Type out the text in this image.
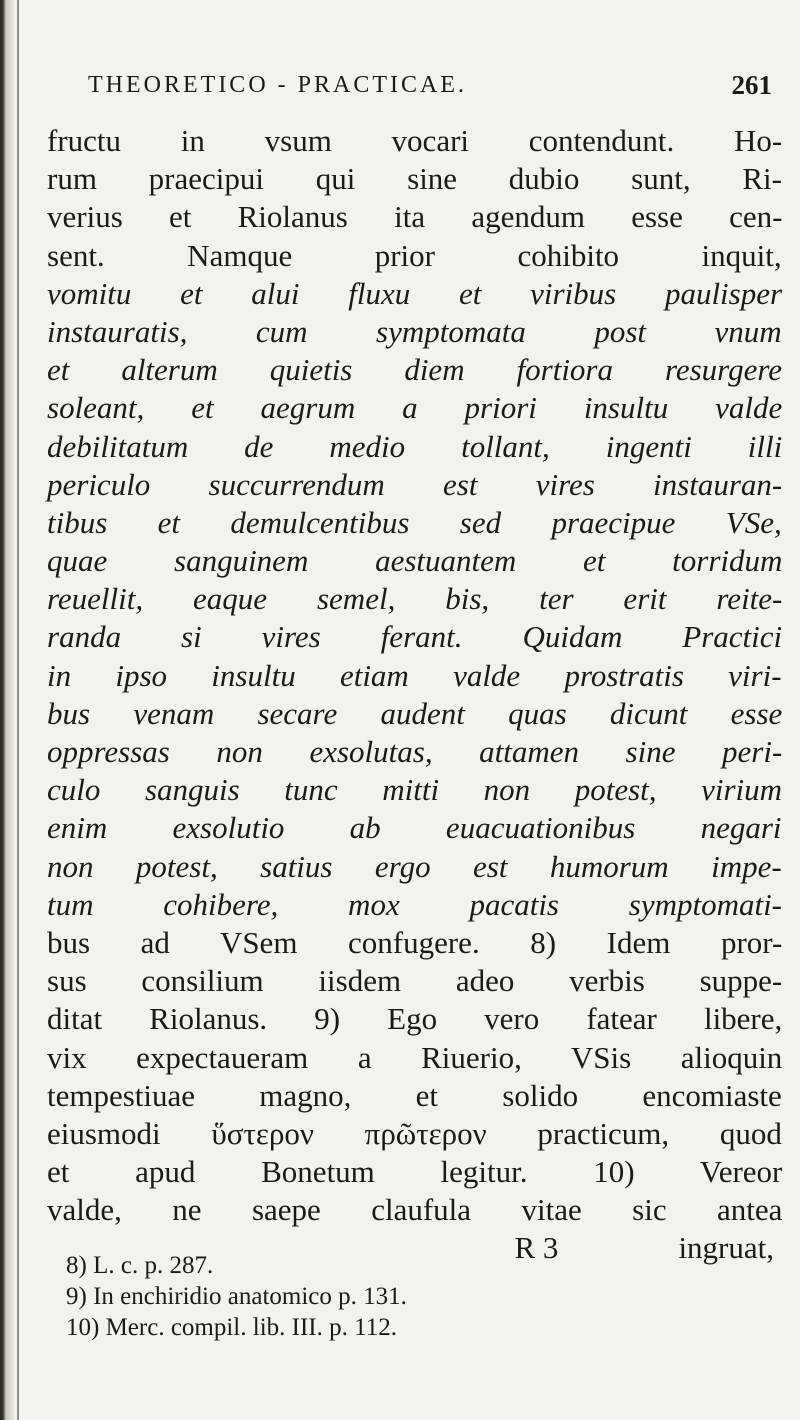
THEORETICO - PRACTICAE.	261
fructu in vsum vocari contendunt. Ho-
rum praecipui qui sine dubio sunt, Ri-
verius et Riolanus ita agendum esse cen-
sent. Namque prior cohibito inquit,
vomitu et alui fluxu et viribus paulisper
instauratis, cum symptomata post vnum
et alterum quietis diem fortiora resurgere
soleant, et aegrum a priori insultu valde
debilitatum de medio tollant, ingenti illi
periculo succurrendum est vires instauran-
tibus et demulcentibus sed praecipue VSe,
quae sanguinem aestuantem et torridum
reuellit, eaque semel, bis, ter erit reite-
randa si vires ferant. Quidam Practici
in ipso insultu etiam valde prostratis viri-
bus venam secare audent quas dicunt esse
oppressas non exsolutas, attamen sine peri-
culo sanguis tunc mitti non potest, virium
enim exsolutio ab euacuationibus negari
non potest, satius ergo est humorum impe-
tum cohibere, mox pacatis symptomati-
bus ad VSem confugere. 8) Idem pror-
sus consilium iisdem adeo verbis suppe-
ditat Riolanus. 9) Ego vero fatear libere,
vix expectaueram a Riuerio, VSis alioquin
tempestiuae magno, et solido encomiaste
eiusmodi ὕστερον πρῶτερον practicum, quod
et apud Bonetum legitur. 10) Vereor
valde, ne saepe claufula vitae sic antea
R 3	ingruat,
8) L. c. p. 287.
9) In enchiridio anatomico p. 131.
10) Merc. compil. lib. III. p. 112.
